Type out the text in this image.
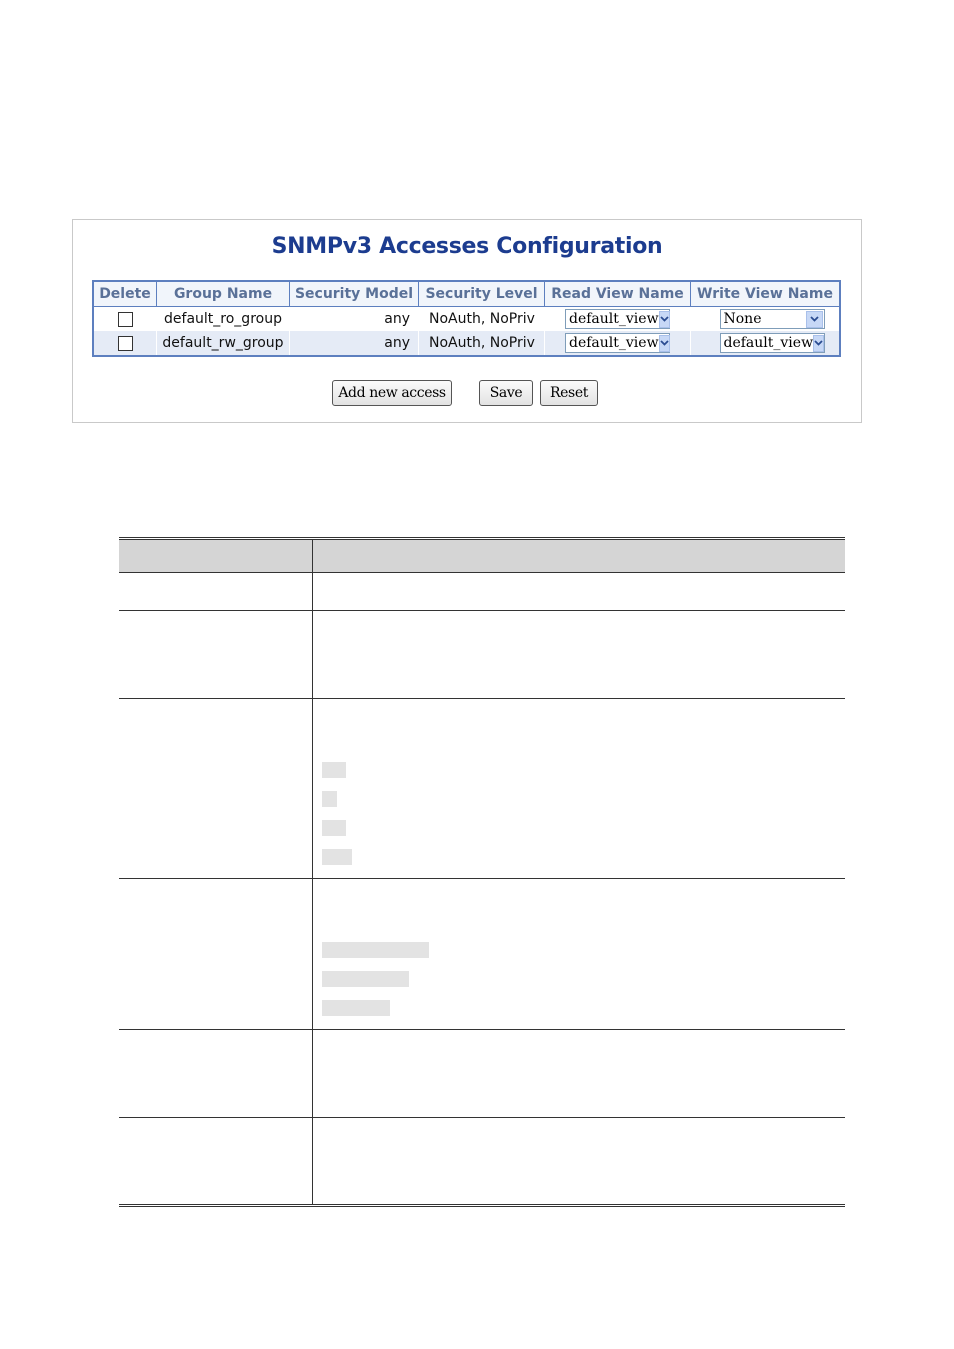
SNMPv3 Accesses Configuration
Delete	Group Name	Security Model	Security Level	Read View Name	Write View Name
	default_ro_group	any	NoAuth, NoPriv	default_view	None

	default_rw_group	any	NoAuth, NoPriv	default_view	default_view
Add new access	Save	Reset
